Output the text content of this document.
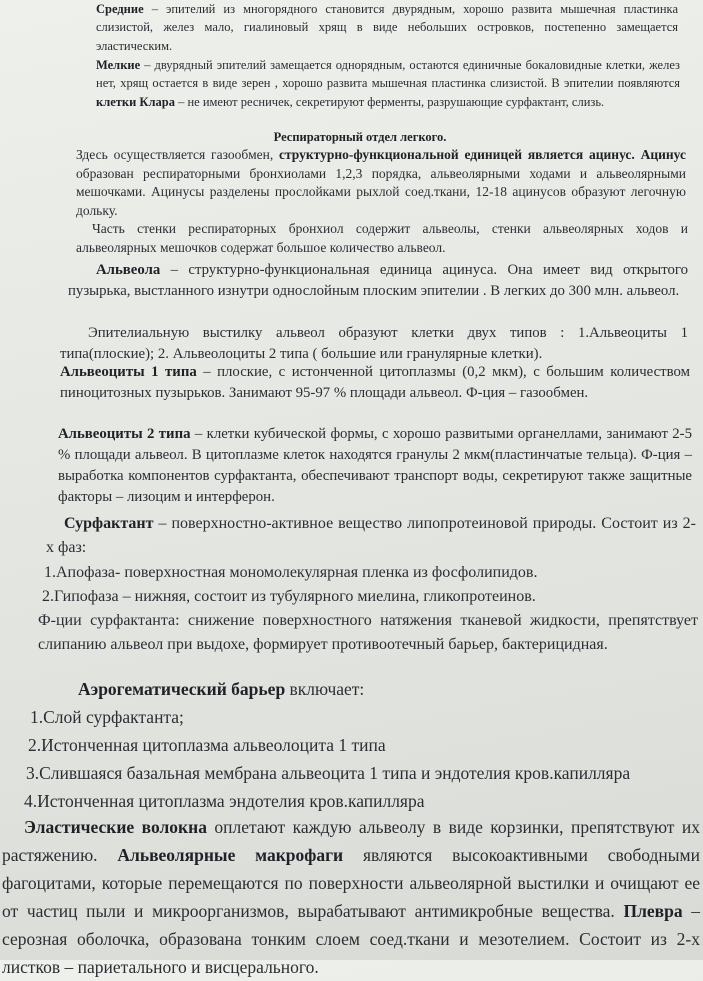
Средние – эпителий из многорядного становится двурядным, хорошо развита мышечная пластинка слизистой, желез мало, гиалиновый хрящ в виде небольших островков, постепенно замещается эластическим.

Мелкие – двурядный эпителий замещается однорядным, остаются единичные бокаловидные клетки, желез нет, хрящ остается в виде зерен , хорошо развита мышечная пластинка слизистой. В эпителии появляются клетки Клара – не имеют ресничек, секретируют ферменты, разрушающие сурфактант, слизь.

Респираторный отдел легкого.

Здесь осуществляется газообмен, структурно-функциональной единицей является ацинус. Ацинус образован респираторными бронхиолами 1,2,3 порядка, альвеолярными ходами и альвеолярными мешочками. Ацинусы разделены прослойками рыхлой соед.ткани, 12-18 ацинусов образуют легочную дольку.

Часть стенки респираторных бронхиол содержит альвеолы, стенки альвеолярных ходов и альвеолярных мешочков содержат большое количество альвеол.

Альвеола – структурно-функциональная единица ацинуса. Она имеет вид открытого пузырька, выстланного изнутри однослойным плоским эпителии . В легких до 300 млн. альвеол.

Эпителиальную выстилку альвеол образуют клетки двух типов : 1.Альвеоциты 1 типа(плоские); 2. Альвеолоциты 2 типа ( большие или гранулярные клетки).

Альвеоциты 1 типа – плоские, с истонченной цитоплазмы (0,2 мкм), с большим количеством пиноцитозных пузырьков. Занимают 95-97 % площади альвеол. Ф-ция – газообмен.

Альвеоциты 2 типа – клетки кубической формы, с хорошо развитыми органеллами, занимают 2-5 % площади альвеол. В цитоплазме клеток находятся гранулы 2 мкм(пластинчатые тельца). Ф-ция – выработка компонентов сурфактанта, обеспечивают транспорт воды, секретируют также защитные факторы – лизоцим и интерферон.

Сурфактант – поверхностно-активное вещество липопротеиновой природы. Состоит из 2-х фаз:

1.Апофаза- поверхностная мономолекулярная пленка из фосфолипидов.

2.Гипофаза – нижняя, состоит из тубулярного миелина, гликопротеинов.

Ф-ции сурфактанта: снижение поверхностного натяжения тканевой жидкости, препятствует слипанию альвеол при выдохе, формирует противоотечный барьер, бактерицидная.

Аэрогематический барьер включает:

1.Слой сурфактанта;

2.Истонченная цитоплазма альвеолоцита 1 типа

3.Слившаяся базальная мембрана альвеоцита 1 типа и эндотелия кров.капилляра

4.Истонченная цитоплазма эндотелия кров.капилляра

Эластические волокна оплетают каждую альвеолу в виде корзинки, препятствуют их растяжению. Альвеолярные макрофаги являются высокоактивными свободными фагоцитами, которые перемещаются по поверхности альвеолярной выстилки и очищают ее от частиц пыли и микроорганизмов, вырабатывают антимикробные вещества. Плевра – серозная оболочка, образована тонким слоем соед.ткани и мезотелием. Состоит из 2-х листков – париетального и висцерального.
